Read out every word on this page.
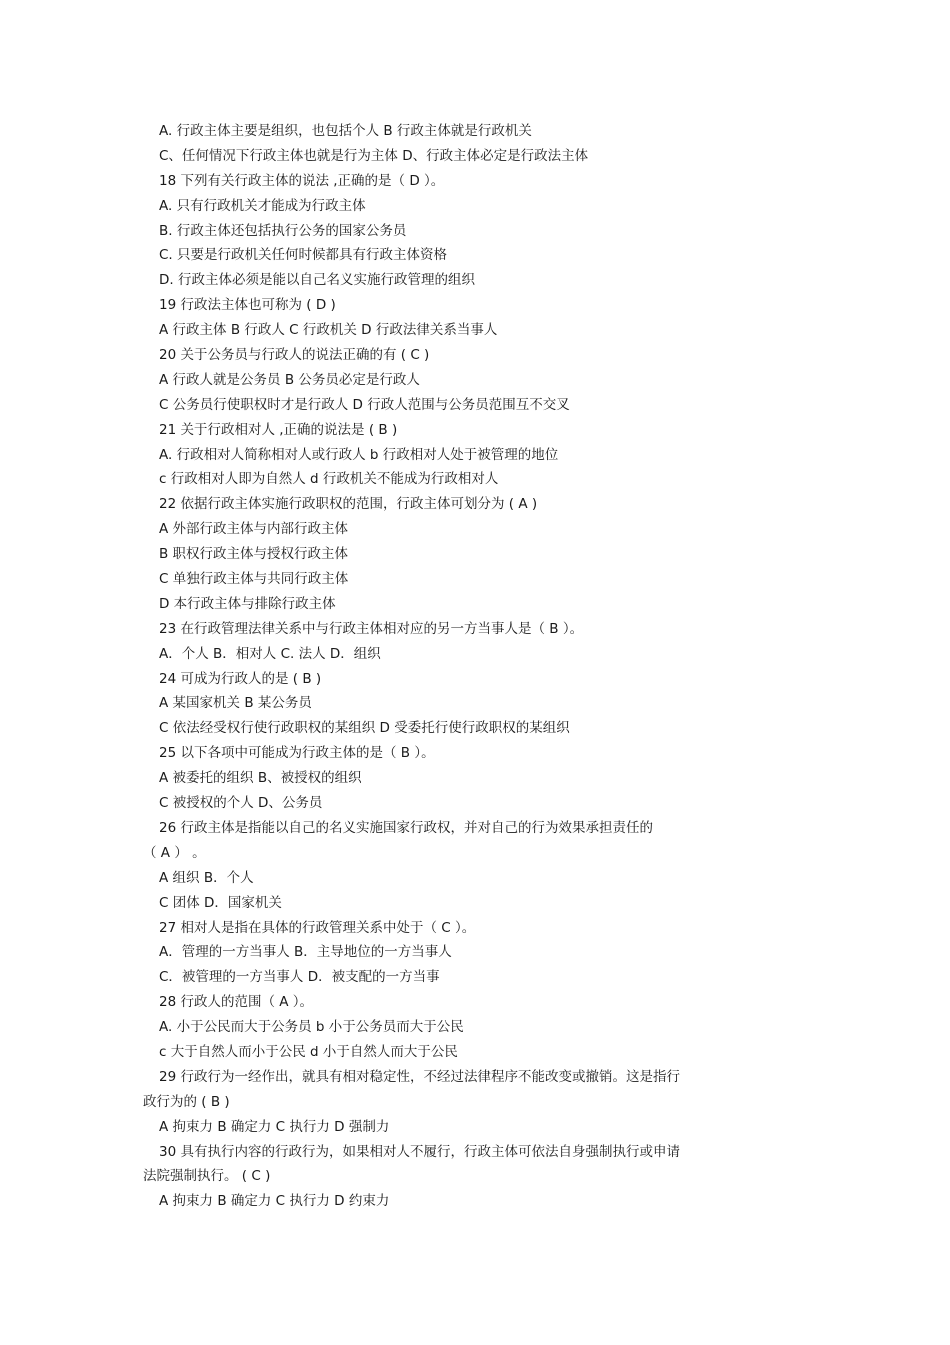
A. 行政主体主要是组织，也包括个人 B 行政主体就是行政机关
C、任何情况下行政主体也就是行为主体 D、行政主体必定是行政法主体
18 下列有关行政主体的说法 ,正确的是（ D ）。
A. 只有行政机关才能成为行政主体
B. 行政主体还包括执行公务的国家公务员
C. 只要是行政机关任何时候都具有行政主体资格
D. 行政主体必须是能以自己名义实施行政管理的组织
19 行政法主体也可称为 ( D )
A 行政主体 B 行政人 C 行政机关 D 行政法律关系当事人
20 关于公务员与行政人的说法正确的有 ( C )
A 行政人就是公务员 B 公务员必定是行政人
C 公务员行使职权时才是行政人 D 行政人范围与公务员范围互不交叉
21 关于行政相对人 ,正确的说法是 ( B )
A. 行政相对人简称相对人或行政人 b 行政相对人处于被管理的地位
c 行政相对人即为自然人 d 行政机关不能成为行政相对人
22 依据行政主体实施行政职权的范围，行政主体可划分为 ( A )
A 外部行政主体与内部行政主体
B 职权行政主体与授权行政主体
C 单独行政主体与共同行政主体
D 本行政主体与排除行政主体
23 在行政管理法律关系中与行政主体相对应的另一方当事人是（ B ）。
A．个人 B．相对人 C. 法人 D．组织
24 可成为行政人的是 ( B )
A 某国家机关 B 某公务员
C 依法经受权行使行政职权的某组织 D 受委托行使行政职权的某组织
25 以下各项中可能成为行政主体的是（ B ）。
A 被委托的组织 B、被授权的组织
C 被授权的个人 D、公务员
26 行政主体是指能以自己的名义实施国家行政权，并对自己的行为效果承担责任的
（ A ） 。
A 组织 B．个人
C 团体 D．国家机关
27 相对人是指在具体的行政管理关系中处于（ C ）。
A．管理的一方当事人 B．主导地位的一方当事人
C．被管理的一方当事人 D．被支配的一方当事
28 行政人的范围（ A ）。
A. 小于公民而大于公务员 b 小于公务员而大于公民
c 大于自然人而小于公民 d 小于自然人而大于公民
29 行政行为一经作出，就具有相对稳定性，不经过法律程序不能改变或撤销。这是指行
政行为的 ( B )
A 拘束力 B 确定力 C 执行力 D 强制力
30 具有执行内容的行政行为，如果相对人不履行，行政主体可依法自身强制执行或申请
法院强制执行。 ( C )
A 拘束力 B 确定力 C 执行力 D 约束力
